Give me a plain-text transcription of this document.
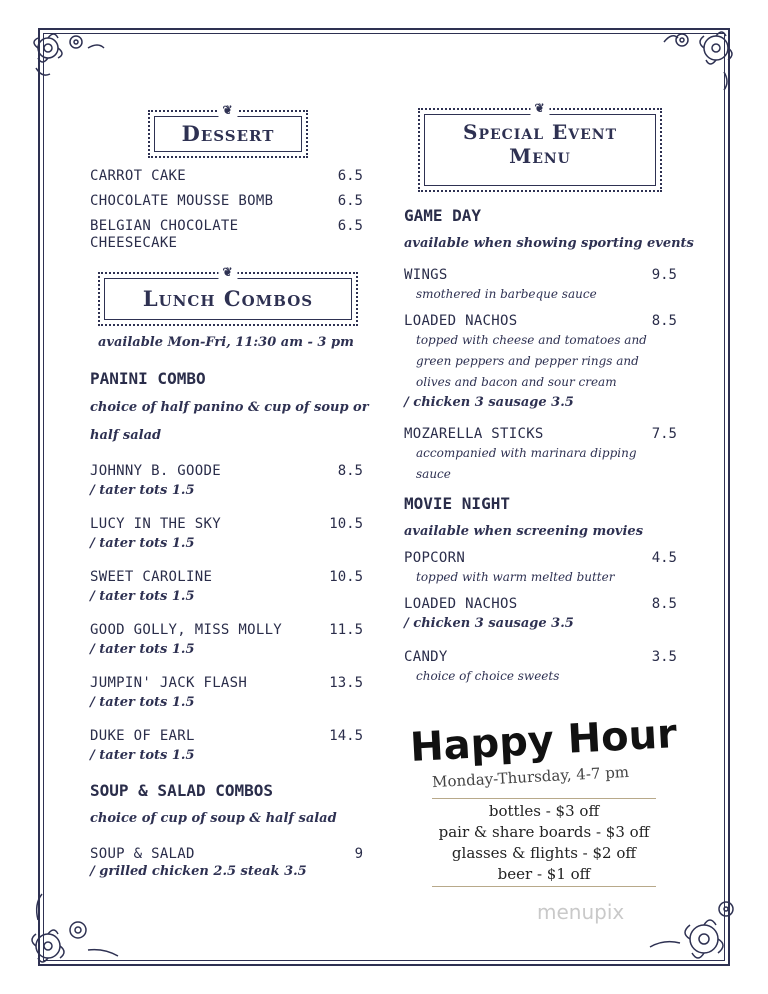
❦
Dessert
CARROT CAKE	6.5
CHOCOLATE MOUSSE BOMB	6.5
BELGIAN CHOCOLATE
CHEESECAKE
6.5
❦
Lunch Combos
available Mon-Fri, 11:30 am - 3 pm
PANINI COMBO
choice of half panino & cup of soup or
half salad
JOHNNY B. GOODE	8.5
/ tater tots 1.5
LUCY IN THE SKY	10.5
/ tater tots 1.5
SWEET CAROLINE	10.5
/ tater tots 1.5
GOOD GOLLY, MISS MOLLY	11.5
/ tater tots 1.5
JUMPIN' JACK FLASH	13.5
/ tater tots 1.5
DUKE OF EARL	14.5
/ tater tots 1.5
SOUP & SALAD COMBOS
choice of cup of soup & half salad
SOUP & SALAD	9
/ grilled chicken 2.5 steak 3.5
❦
Special Event
Menu
GAME DAY
available when showing sporting events
WINGS	9.5
smothered in barbeque sauce
LOADED NACHOS	8.5
topped with cheese and tomatoes and
green peppers and pepper rings and
olives and bacon and sour cream
/ chicken 3 sausage 3.5
MOZARELLA STICKS	7.5
accompanied with marinara dipping
sauce
MOVIE NIGHT
available when screening movies
POPCORN	4.5
topped with warm melted butter
LOADED NACHOS	8.5
/ chicken 3 sausage 3.5
CANDY	3.5
choice of choice sweets
Happy Hour
Monday-Thursday, 4-7 pm
bottles - $3 off
pair & share boards - $3 off
glasses & flights - $2 off
beer - $1 off
menupix
